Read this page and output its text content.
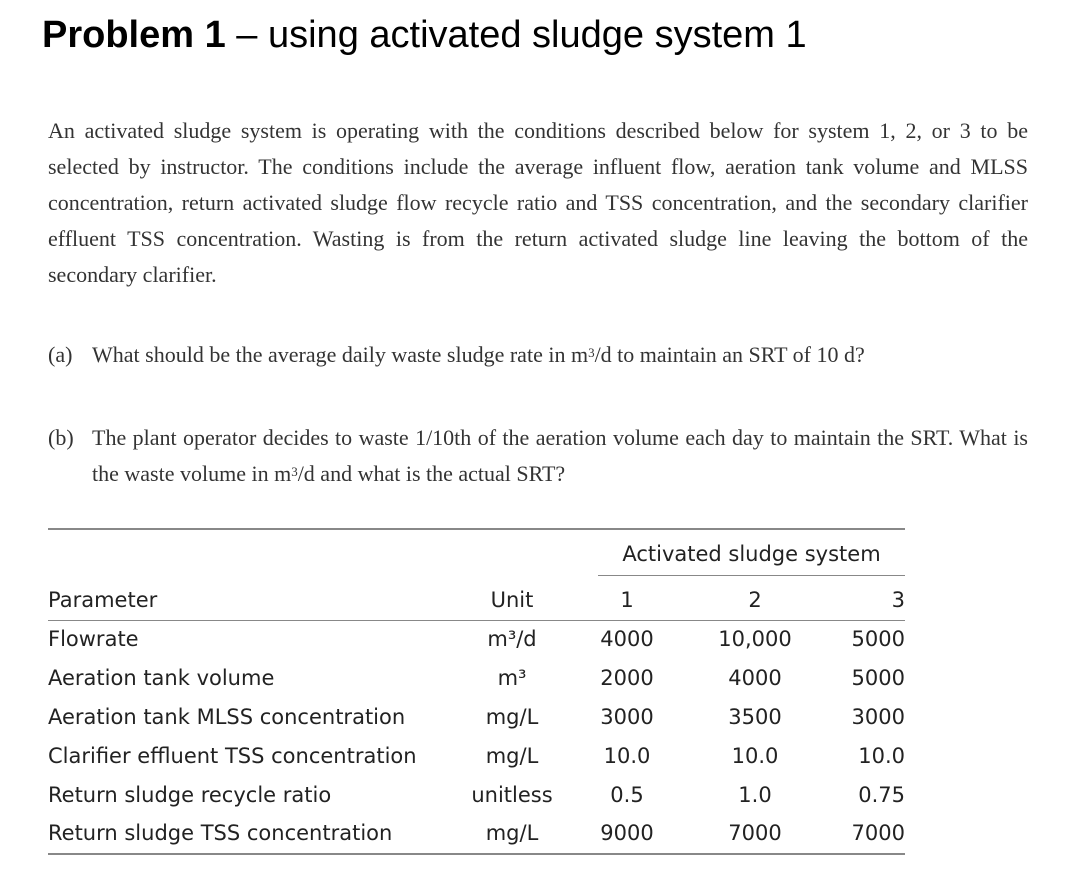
Problem 1 – using activated sludge system 1

An activated sludge system is operating with the conditions described below for system 1, 2, or 3 to be selected by instructor. The conditions include the average influent flow, aeration tank volume and MLSS concentration, return activated sludge flow recycle ratio and TSS concentration, and the secondary clarifier effluent TSS concentration. Wasting is from the return activated sludge line leaving the bottom of the secondary clarifier.

(a) What should be the average daily waste sludge rate in $m^3/d$ to maintain an SRT of 10 d?
(b) The plant operator decides to waste 1/10th of the aeration volume each day to maintain the SRT. What is the waste volume in $m^3/d$ and what is the actual SRT?
Activated sludge system
Parameter	Unit	1	2	3
Flowrate	m³/d	4000	10,000	5000
Aeration tank volume	m³	2000	4000	5000
Aeration tank MLSS concentration	mg/L	3000	3500	3000
Clarifier effluent TSS concentration	mg/L	10.0	10.0	10.0
Return sludge recycle ratio	unitless	0.5	1.0	0.75
Return sludge TSS concentration	mg/L	9000	7000	7000
